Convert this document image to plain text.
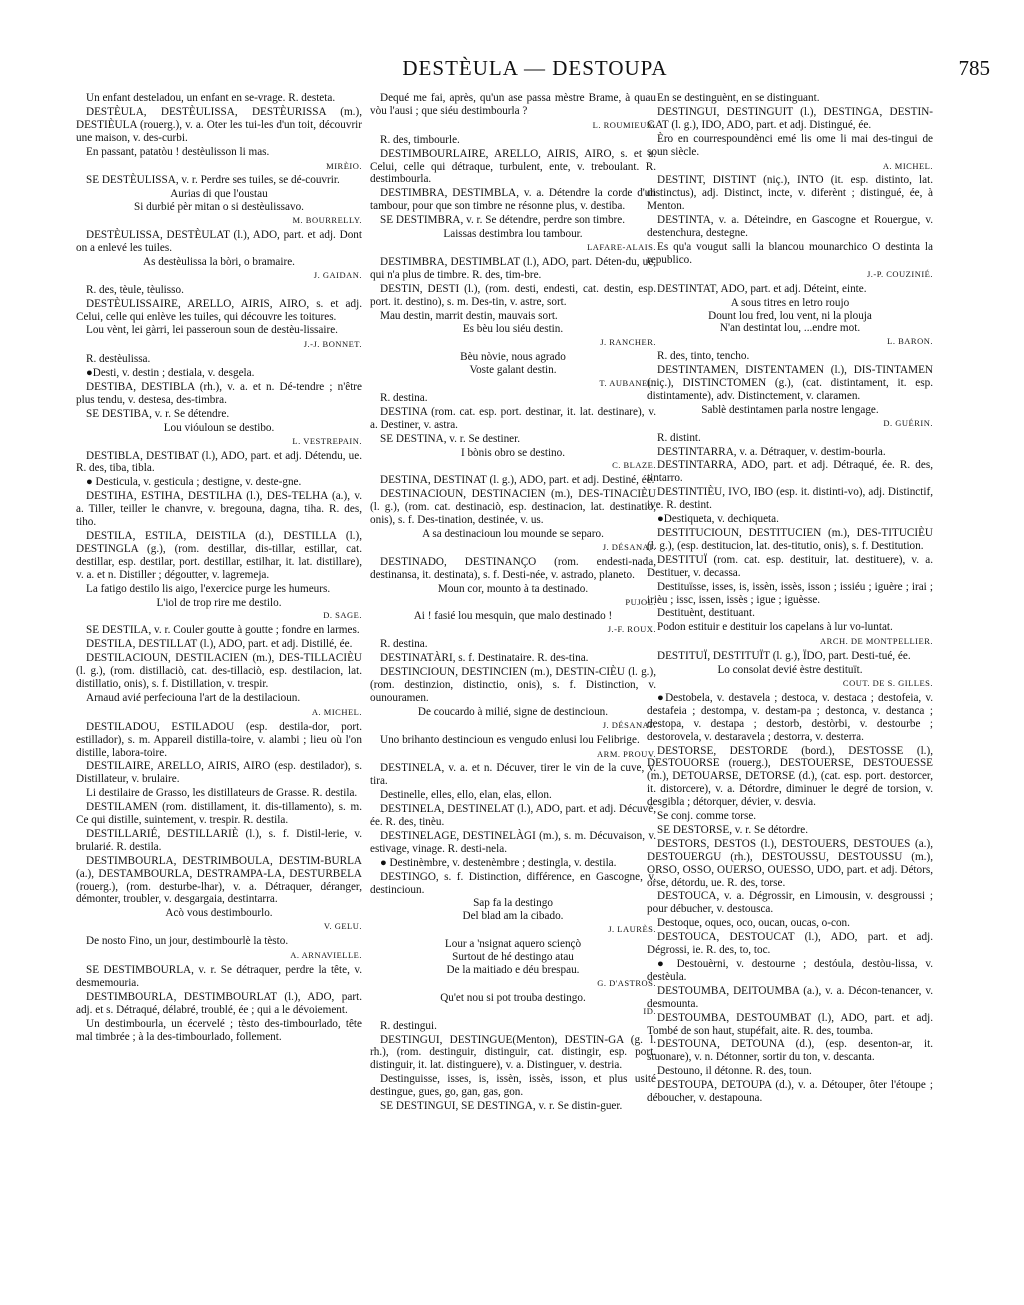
DESTÈULA — DESTOUPA	785
Un enfant desteladou, un enfant en se-vrage. R. desteta.
DESTÈULA, DESTÈULISSA, DESTÈURISSA (m.), DESTIÈULA (rouerg.), v. a. Oter les tui-les d'un toit, découvrir une maison, v. des-curbi.
En passant, patatòu ! destèulisson li mas.
MIRÈIO.
SE DESTÈULISSA, v. r. Perdre ses tuiles, se dé-couvrir.
Aurias di que l'oustau
Si durbié pèr mitan o si destèulissavo.
M. BOURRELLY.
DESTÈULISSA, DESTÈULAT (l.), ADO, part. et adj. Dont on a enlevé les tuiles.
As destèulissa la bòri, o bramaire.
J. GAIDAN.
R. des, tèule, tèulisso.
DESTÈULISSAIRE, ARELLO, AIRIS, AIRO, s. et adj. Celui, celle qui enlève les tuiles, qui découvre les toitures.
Lou vènt, lei gàrri, lei passeroun soun de destèu-lissaire.
J.-J. BONNET.
R. destèulissa.
●Desti, v. destin ; destiala, v. desgela.
DESTIBA, DESTIBLA (rh.), v. a. et n. Dé-tendre ; n'être plus tendu, v. destesa, des-timbra.
SE DESTIBA, v. r. Se détendre.
Lou vióuloun se destibo.
L. VESTREPAIN.
DESTIBLA, DESTIBAT (l.), ADO, part. et adj. Détendu, ue. R. des, tiba, tibla.
● Desticula, v. gesticula ; destigne, v. deste-gne.
DESTIHA, ESTIHA, DESTILHA (l.), DES-TELHA (a.), v. a. Tiller, teiller le chanvre, v. bregouna, dagna, tiha. R. des, tiho.
DESTILA, ESTILA, DEISTILA (d.), DESTILLA (l.), DESTINGLA (g.), (rom. destillar, dis-tillar, estillar, cat. destillar, esp. destilar, port. destillar, estilhar, it. lat. distillare), v. a. et n. Distiller ; dégoutter, v. lagremeja.
La fatigo destilo lis aigo, l'exercice purge les humeurs.
L'iol de trop rire me destilo.
D. SAGE.
SE DESTILA, v. r. Couler goutte à goutte ; fondre en larmes.
DESTILA, DESTILLAT (l.), ADO, part. et adj. Distillé, ée.
DESTILACIOUN, DESTILACIEN (m.), DES-TILLACIÈU (l. g.), (rom. distillaciò, cat. des-tillaciò, esp. destilacion, lat. distillatio, onis), s. f. Distillation, v. trespir.
Arnaud avié perfeciouna l'art de la destilacioun.
A. MICHEL.
DESTILADOU, ESTILADOU (esp. destila-dor, port. estillador), s. m. Appareil distilla-toire, v. alambi ; lieu où l'on distille, labora-toire.
DESTILAIRE, ARELLO, AIRIS, AIRO (esp. destilador), s. Distillateur, v. brulaire.
Li destilaire de Grasso, les distillateurs de Grasse. R. destila.
DESTILAMEN (rom. distillament, it. dis-tillamento), s. m. Ce qui distille, suintement, v. trespir. R. destila.
DESTILLARIÉ, DESTILLARIÈ (l.), s. f. Distil-lerie, v. brularié. R. destila.
DESTIMBOURLA, DESTRIMBOULA, DESTIM-BURLA (a.), DESTAMBOURLA, DESTRAMPA-LA, DESTURBELA (rouerg.), (rom. desturbe-lhar), v. a. Détraquer, déranger, démonter, troubler, v. desgargaia, destintarra.
Acò vous destimbourlo.
V. GELU.
De nosto Fino, un jour, destimbourlè la tèsto.
A. ARNAVIELLE.
SE DESTIMBOURLA, v. r. Se détraquer, perdre la tête, v. desmemouria.
DESTIMBOURLA, DESTIMBOURLAT (l.), ADO, part. adj. et s. Détraqué, délabré, troublé, ée ; qui a le dévoiement.
Un destimbourla, un écervelé ; tèsto des-timbourlado, tête mal timbrée ; à la des-timbourlado, follement.
Dequé me fai, après, qu'un ase passa mèstre Brame, à quau vòu l'ausi ; que siéu destimbourla ?
L. ROUMIEUX.
R. des, timbourle.
DESTIMBOURLAIRE, ARELLO, AIRIS, AIRO, s. et a. Celui, celle qui détraque, turbulent, ente, v. treboulant. R. destimbourla.
DESTIMBRA, DESTIMBLA, v. a. Détendre la corde d'un tambour, pour que son timbre ne résonne plus, v. destiba.
SE DESTIMBRA, v. r. Se détendre, perdre son timbre.
Laissas destimbra lou tambour.
LAFARE-ALAIS.
DESTIMBRA, DESTIMBLAT (l.), ADO, part. Déten-du, ue, qui n'a plus de timbre. R. des, tim-bre.
DESTIN, DESTI (l.), (rom. desti, endesti, cat. destin, esp. port. it. destino), s. m. Des-tin, v. astre, sort.
Mau destin, marrit destin, mauvais sort.
Es bèu lou siéu destin.
J. RANCHER.
Bèu nòvie, nous agrado
Voste galant destin.
T. AUBANEL.
R. destina.
DESTINA (rom. cat. esp. port. destinar, it. lat. destinare), v. a. Destiner, v. astra.
SE DESTINA, v. r. Se destiner.
I bònis obro se destino.
C. BLAZE.
DESTINA, DESTINAT (l. g.), ADO, part. et adj. Destiné, ée.
DESTINACIOUN, DESTINACIEN (m.), DES-TINACIÈU (l. g.), (rom. cat. destinaciò, esp. destinacion, lat. destinatio, onis), s. f. Des-tination, destinée, v. us.
A sa destinacioun lou mounde se separo.
J. DÉSANAT.
DESTINADO, DESTINANÇO (rom. endesti-nada, destinansa, it. destinata), s. f. Desti-née, v. astrado, planeto.
Moun cor, mounto à ta destinado.
PUJOL.
Ai ! fasié lou mesquin, que malo destinado !
J.-F. ROUX.
R. destina.
DESTINATÀRI, s. f. Destinataire. R. des-tina.
DESTINCIOUN, DESTINCIEN (m.), DESTIN-CIÈU (l. g.), (rom. destinzion, distinctio, onis), s. f. Distinction, v. ounouramen.
De coucardo à milié, signe de destincioun.
J. DÉSANAT.
Uno brihanto destincioun es vengudo enlusi lou Felibrige.
ARM. PROUV.
DESTINELA, v. a. et n. Décuver, tirer le vin de la cuve, v. tira.
Destinelle, elles, ello, elan, elas, ellon.
DESTINELA, DESTINELAT (l.), ADO, part. et adj. Décuvé, ée. R. des, tinèu.
DESTINELAGE, DESTINELÀGI (m.), s. m. Décuvaison, v. estivage, vinage. R. desti-nela.
● Destinèmbre, v. destenèmbre ; destingla, v. destila.
DESTINGO, s. f. Distinction, différence, en Gascogne, v. destincioun.
Sap fa la destingo
Del blad am la cibado.
J. LAURÈS.
Lour a 'nsignat aquero sciençò
Surtout de hé destingo atau
De la maitiado e déu brespau.
G. D'ASTROS.
Qu'et nou si pot trouba destingo.
ID.
R. destingui.
DESTINGUI, DESTINGUE(Menton), DESTIN-GA (g. l. rh.), (rom. destinguir, distinguir, cat. distingir, esp. port. distinguir, it. lat. distinguere), v. a. Distinguer, v. destria.
Destinguisse, isses, is, issèn, issès, isson, et plus usité destingue, gues, go, gan, gas, gon.
SE DESTINGUI, SE DESTINGA, v. r. Se distin-guer.
En se destinguènt, en se distinguant.
DESTINGUI, DESTINGUIT (l.), DESTINGA, DESTIN-GAT (l. g.), IDO, ADO, part. et adj. Distingué, ée.
Èro en courrespoundènci emé lis ome li mai des-tingui de soun siècle.
A. MICHEL.
DESTINT, DISTINT (niç.), INTO (it. esp. distinto, lat. distinctus), adj. Distinct, incte, v. diferènt ; distingué, ée, à Menton.
DESTINTA, v. a. Déteindre, en Gascogne et Rouergue, v. destenchura, destegne.
Es qu'a vougut salli la blancou mounarchico O destinta la republico.
J.-P. COUZINIÉ.
DESTINTAT, ADO, part. et adj. Déteint, einte.
A sous titres en letro roujo
Dount lou fred, lou vent, ni la plouja
N'an destintat lou, ...endre mot.
L. BARON.
R. des, tinto, tencho.
DESTINTAMEN, DISTENTAMEN (l.), DIS-TINTAMEN (niç.), DISTINCTOMEN (g.), (cat. distintament, it. esp. distintamente), adv. Distinctement, v. claramen.
Sablè destintamen parla nostre lengage.
D. GUÉRIN.
R. distint.
DESTINTARRA, v. a. Détraquer, v. destim-bourla.
DESTINTARRA, ADO, part. et adj. Détraqué, ée. R. des, tintarro.
DESTINTIÈU, IVO, IBO (esp. it. distinti-vo), adj. Distinctif, ive. R. destint.
●Destiqueta, v. dechiqueta.
DESTITUCIOUN, DESTITUCIEN (m.), DES-TITUCIÈU (l. g.), (esp. destitucion, lat. des-titutio, onis), s. f. Destitution.
DESTITUÏ (rom. cat. esp. destituir, lat. destituere), v. a. Destituer, v. decassa.
Destituïsse, isses, is, issèn, issès, isson ; issiéu ; iguère ; irai ; irièu ; issc, issen, issès ; igue ; iguèsse.
Destituènt, destituant.
Podon estituir e destituir los capelans à lur vo-luntat.
ARCH. DE MONTPELLIER.
DESTITUÏ, DESTITUÏT (l. g.), ÏDO, part. Desti-tué, ée.
Lo consolat devié èstre destituït.
COUT. DE S. GILLES.
●Destobela, v. destavela ; destoca, v. destaca ; destofeia, v. destafeia ; destompa, v. destam-pa ; destonca, v. destanca ; destopa, v. destapa ; destorb, destòrbi, v. destourbe ; destorovela, v. destaravela ; destorra, v. desterra.
DESTORSE, DESTORDE (bord.), DESTOSSE (l.), DESTOUORSE (rouerg.), DESTOUERSE, DESTOUESSE (m.), DETOUARSE, DETORSE (d.), (cat. esp. port. destorcer, it. distorcere), v. a. Détordre, diminuer le degré de torsion, v. desgibla ; détorquer, dévier, v. desvia.
Se conj. comme torse.
SE DESTORSE, v. r. Se détordre.
DESTORS, DESTOS (l.), DESTOUERS, DESTOUES (a.), DESTOUERGU (rh.), DESTOUSSU, DESTOUSSU (m.), ORSO, OSSO, OUERSO, OUESSO, UDO, part. et adj. Détors, orse, détordu, ue. R. des, torse.
DESTOUCA, v. a. Dégrossir, en Limousin, v. desgroussi ; pour débucher, v. destousca.
Destoque, oques, oco, oucan, oucas, o-con.
DESTOUCA, DESTOUCAT (l.), ADO, part. et adj. Dégrossi, ie. R. des, to, toc.
● Destouèrni, v. destourne ; destóula, destòu-lissa, v. destèula.
DESTOUMBA, DEITOUMBA (a.), v. a. Décon-tenancer, v. desmounta.
DESTOUMBA, DESTOUMBAT (l.), ADO, part. et adj. Tombé de son haut, stupéfait, aite. R. des, toumba.
DESTOUNA, DETOUNA (d.), (esp. desenton-ar, it. stuonare), v. n. Détonner, sortir du ton, v. descanta.
Destouno, il détonne. R. des, toun.
DESTOUPA, DETOUPA (d.), v. a. Détouper, ôter l'étoupe ; déboucher, v. destapouna.
